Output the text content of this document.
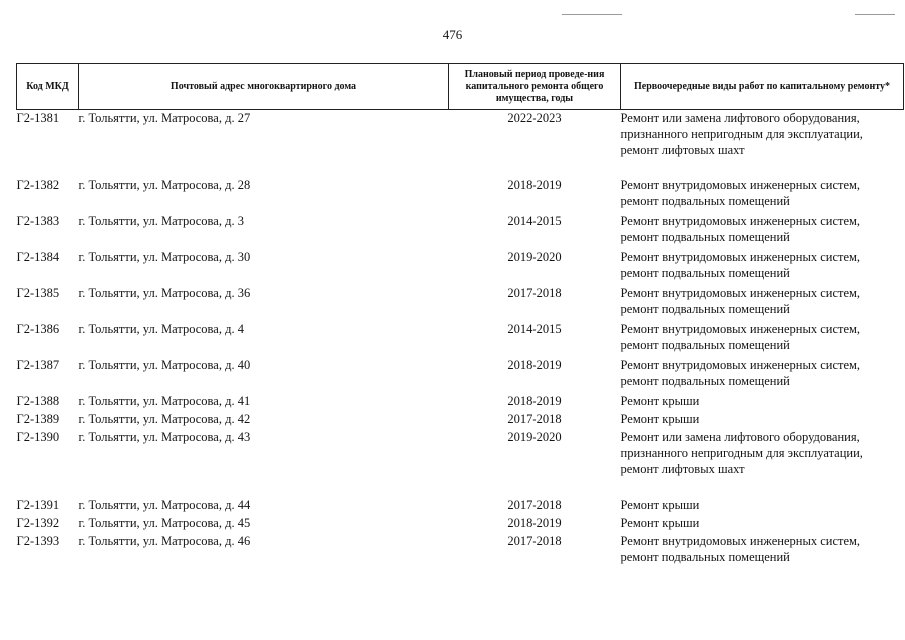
476
Код МКД	Почтовый адрес многоквартирного дома	Плановый период проведе-ния капитального ремонта общего имущества, годы	Первоочередные виды работ по капитальному ремонту*
Г2-1381	г. Тольятти, ул. Матросова, д. 27	2022-2023	Ремонт или замена лифтового оборудования,
признанного непригодным для эксплуатации,
ремонт лифтовых шахт

Г2-1382	г. Тольятти, ул. Матросова, д. 28	2018-2019	Ремонт внутридомовых инженерных систем,
ремонт подвальных помещений

Г2-1383	г. Тольятти, ул. Матросова, д. 3	2014-2015	Ремонт внутридомовых инженерных систем,
ремонт подвальных помещений

Г2-1384	г. Тольятти, ул. Матросова, д. 30	2019-2020	Ремонт внутридомовых инженерных систем,
ремонт подвальных помещений

Г2-1385	г. Тольятти, ул. Матросова, д. 36	2017-2018	Ремонт внутридомовых инженерных систем,
ремонт подвальных помещений

Г2-1386	г. Тольятти, ул. Матросова, д. 4	2014-2015	Ремонт внутридомовых инженерных систем,
ремонт подвальных помещений

Г2-1387	г. Тольятти, ул. Матросова, д. 40	2018-2019	Ремонт внутридомовых инженерных систем,
ремонт подвальных помещений

Г2-1388	г. Тольятти, ул. Матросова, д. 41	2018-2019	Ремонт крыши

Г2-1389	г. Тольятти, ул. Матросова, д. 42	2017-2018	Ремонт крыши

Г2-1390	г. Тольятти, ул. Матросова, д. 43	2019-2020	Ремонт или замена лифтового оборудования,
признанного непригодным для эксплуатации,
ремонт лифтовых шахт

Г2-1391	г. Тольятти, ул. Матросова, д. 44	2017-2018	Ремонт крыши

Г2-1392	г. Тольятти, ул. Матросова, д. 45	2018-2019	Ремонт крыши

Г2-1393	г. Тольятти, ул. Матросова, д. 46	2017-2018	Ремонт внутридомовых инженерных систем,
ремонт подвальных помещений
